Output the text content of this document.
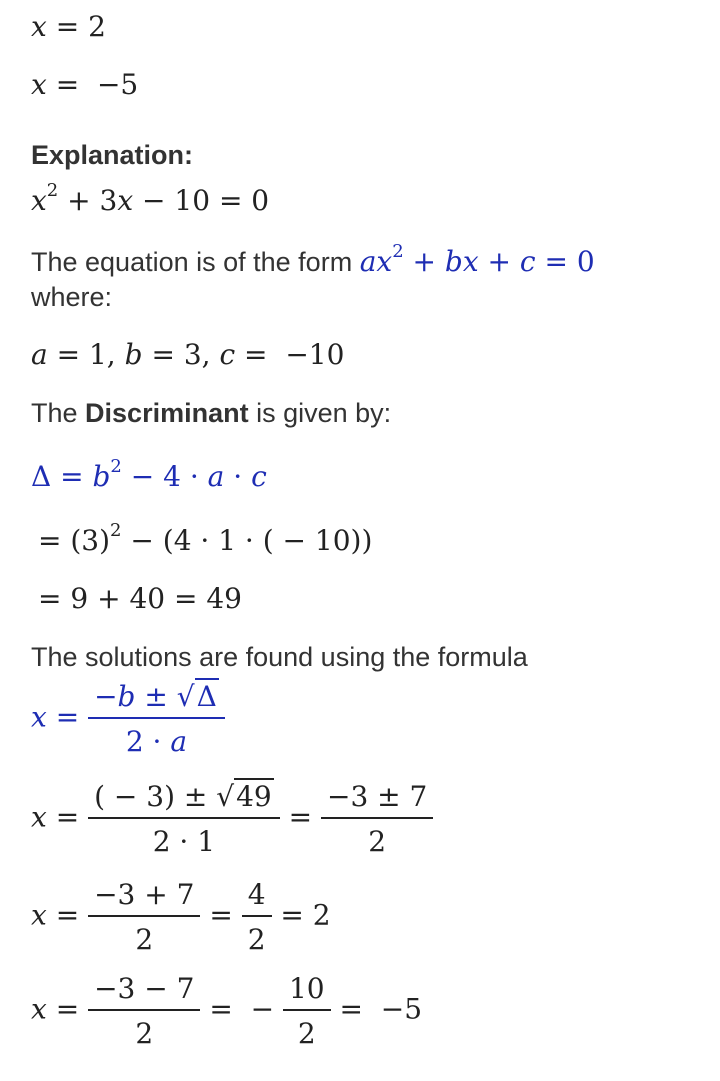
x = 2
x =  −5
Explanation:
$x^2 + 3x - 10 = 0$
The equation is of the form $ax^2$ + bx + c = 0
where:
a = 1, b = 3, c =  −10
The Discriminant is given by:
$\Delta = b^2 - 4 \cdot a \cdot c$
= $(3)^2 - (4 \cdot 1$ · ( − 10))
= 9 + 40 = 49
The solutions are found using the formula
$x = \frac{-b \pm √\Delta}{2 \cdot a}$
$x = \frac{( - 3) \pm √49}{2 \cdot 1} = \frac{-3 \pm 7}{2}$
$x = \frac{-3 + 7}{2} = \frac{4}{2} = 2$
$x = \frac{-3 - 7}{2}$ =  − $\frac{10}{2} = -5$
